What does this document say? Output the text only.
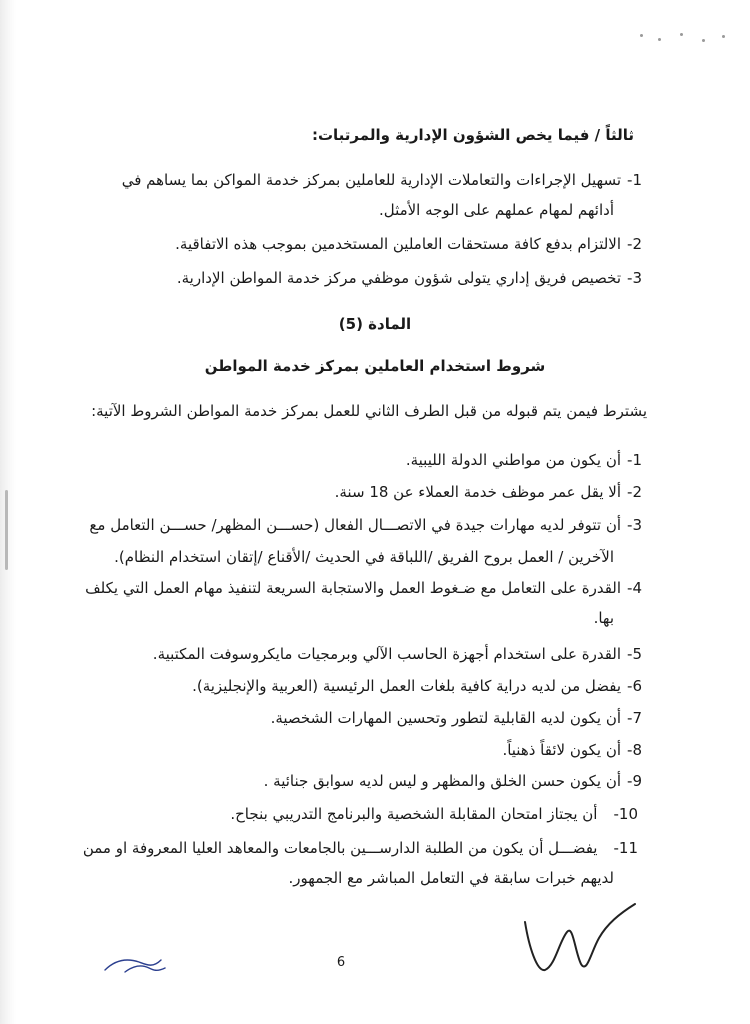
ثالثاً / فيما يخص الشؤون الإدارية والمرتبات:
1-تسهيل الإجراءات والتعاملات الإدارية للعاملين بمركز خدمة المواكن بما يساهم في
أدائهم لمهام عملهم على الوجه الأمثل.
2-الالتزام بدفع كافة مستحقات العاملين المستخدمين بموجب هذه الاتفاقية.
3-تخصيص فريق إداري يتولى شؤون موظفي مركز خدمة المواطن الإدارية.
المادة (5)
شروط استخدام العاملين بمركز خدمة المواطن
يشترط فيمن يتم قبوله من قبل الطرف الثاني للعمل بمركز خدمة المواطن الشروط الآتية:
1-أن يكون من مواطني الدولة الليبية.
2-ألا يقل عمر موظف خدمة العملاء عن 18 سنة.
3-أن تتوفر لديه مهارات جيدة في الاتصـــال الفعال (حســـن المظهر/ حســـن التعامل مع
الآخرين / العمل بروح الفريق /اللباقة في الحديث /الأقناع /إتقان استخدام النظام).
4-القدرة على التعامل مع ضـغوط العمل والاستجابة السريعة لتنفيذ مهام العمل التي يكلف
بها.
5-القدرة على استخدام أجهزة الحاسب الآلي وبرمجيات مايكروسوفت المكتبية.
6-يفضل من لديه دراية كافية بلغات العمل الرئيسية (العربية والإنجليزية).
7-أن يكون لديه القابلية لتطور وتحسين المهارات الشخصية.
8-أن يكون لائقاً ذهنياً.
9-أن يكون حسن الخلق والمظهر و ليس لديه سوابق جنائية .
10-أن يجتاز امتحان المقابلة الشخصية والبرنامج التدريبي بنجاح.
11-يفضـــل أن يكون من الطلبة الدارســـين بالجامعات والمعاهد العليا المعروفة او ممن
لديهم خبرات سابقة في التعامل المباشر مع الجمهور.
6
